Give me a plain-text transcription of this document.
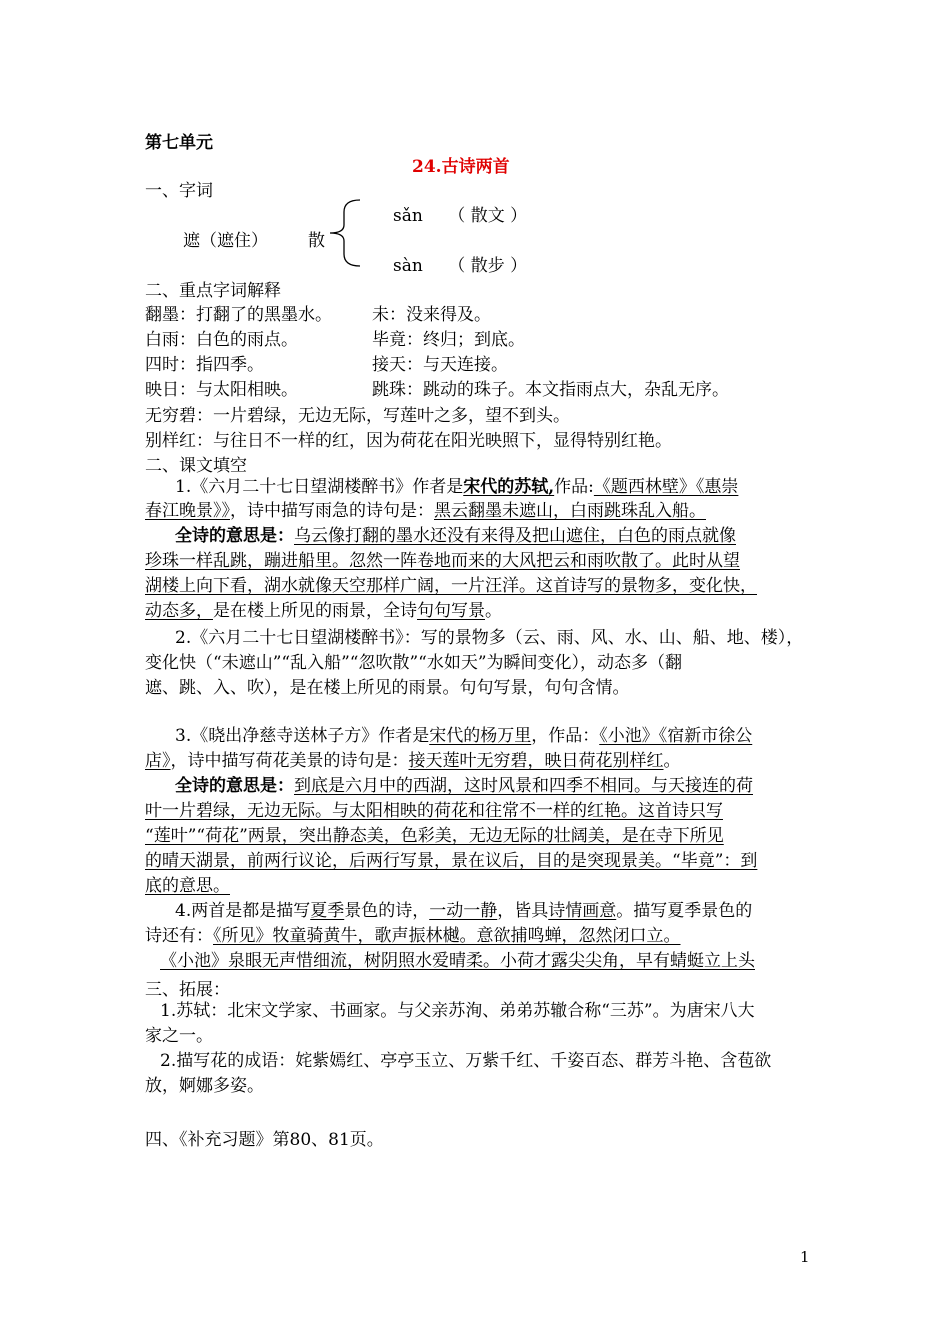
第七单元
24.古诗两首
一、字词
遮（遮住） 散
sǎn　　（ 散文 ）
sàn　　（ 散步 ）
二、重点字词解释
翻墨：打翻了的黑墨水。 未：没来得及。
白雨：白色的雨点。	毕竟：终归；到底。
四时：指四季。	接天：与天连接。
映日：与太阳相映。	跳珠：跳动的珠子。本文指雨点大，杂乱无序。
无穷碧：一片碧绿，无边无际，写莲叶之多，望不到头。
别样红：与往日不一样的红，因为荷花在阳光映照下，显得特别红艳。
二、课文填空
1.《六月二十七日望湖楼醉书》作者是宋代的苏轼,作品:《题西林壁》《惠崇
春江晚景》》，诗中描写雨急的诗句是：黑云翻墨未遮山，白雨跳珠乱入船。
全诗的意思是：乌云像打翻的墨水还没有来得及把山遮住，白色的雨点就像
珍珠一样乱跳，蹦进船里。忽然一阵卷地而来的大风把云和雨吹散了。此时从望
湖楼上向下看，湖水就像天空那样广阔，一片汪洋。这首诗写的景物多，变化快，
动态多，是在楼上所见的雨景，全诗句句写景。
2.《六月二十七日望湖楼醉书》：写的景物多（云、雨、风、水、山、船、地、楼），
变化快（“未遮山”“乱入船”“忽吹散”“水如天”为瞬间变化），动态多（翻
遮、跳、入、吹），是在楼上所见的雨景。句句写景，句句含情。
3.《晓出净慈寺送林子方》作者是宋代的杨万里，作品：《小池》《宿新市徐公
店》，诗中描写荷花美景的诗句是：接天莲叶无穷碧，映日荷花别样红。
全诗的意思是：到底是六月中的西湖，这时风景和四季不相同。与天接连的荷
叶一片碧绿，无边无际。与太阳相映的荷花和往常不一样的红艳。这首诗只写
“莲叶”“荷花”两景，突出静态美，色彩美，无边无际的壮阔美，是在寺下所见
的晴天湖景，前两行议论，后两行写景，景在议后，目的是突现景美。“毕竟”：到
底的意思。
4.两首是都是描写夏季景色的诗，一动一静，皆具诗情画意。描写夏季景色的
诗还有：《所见》牧童骑黄牛，歌声振林樾。意欲捕鸣蝉，忽然闭口立。
《小池》泉眼无声惜细流，树阴照水爱晴柔。小荷才露尖尖角，早有蜻蜓立上头
三、拓展：
1.苏轼：北宋文学家、书画家。与父亲苏洵、弟弟苏辙合称“三苏”。为唐宋八大
家之一。
2.描写花的成语：姹紫嫣红、亭亭玉立、万紫千红、千姿百态、群芳斗艳、含苞欲
放，婀娜多姿。
四、《补充习题》第80、81页。
1
